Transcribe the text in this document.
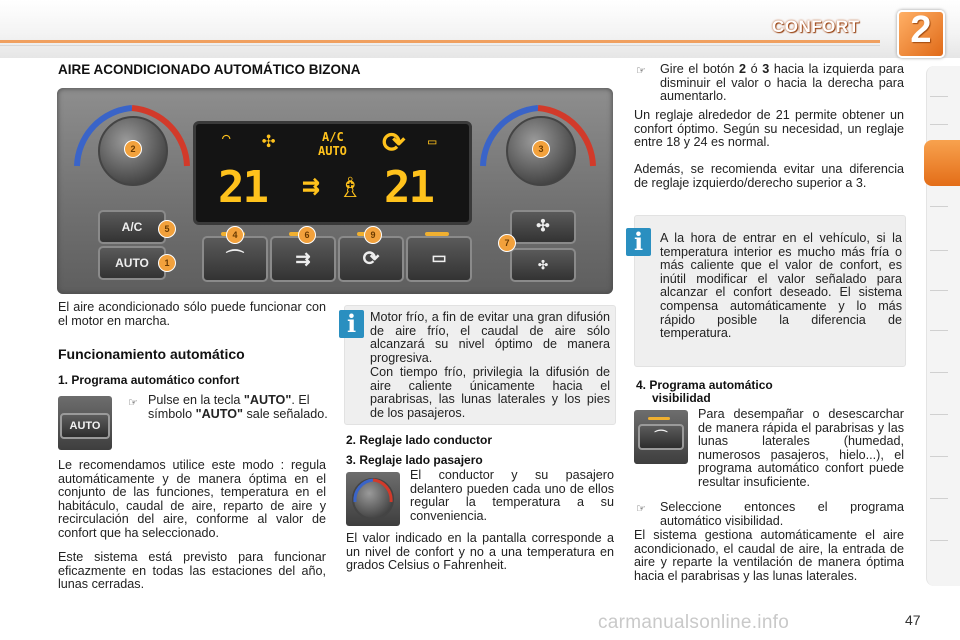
CONFORT	2
AIRE ACONDICIONADO AUTOMÁTICO BIZONA
⌒ ✣	A/C
AUTO ⟳ ▭
21 ⇉ ♗ 21
A/C
AUTO	⌒	⇉	⟳	▭
✣
✣
2	3
5
1
4	6	9
7
El aire acondicionado sólo puede funcionar con el motor en marcha.
Funcionamiento automático
1. Programa automático confort
AUTO
☞ Pulse en la tecla "AUTO". El símbolo "AUTO" sale señalado.
Le recomendamos utilice este modo : regula automáticamente y de manera óptima en el conjunto de las funciones, temperatura en el habitáculo, caudal de aire, reparto de aire y recirculación del aire, conforme al valor de confort que ha seleccionado.
Este sistema está previsto para funcionar eficazmente en todas las estaciones del año, lunas cerradas.
i	Motor frío, a fin de evitar una gran difusión de aire frío, el caudal de aire sólo alcanzará su nivel óptimo de manera progresiva.
Con tiempo frío, privilegia la difusión de aire caliente únicamente hacia el parabrisas, las lunas laterales y los pies de los pasajeros.
2. Reglaje lado conductor
3. Reglaje lado pasajero
El conductor y su pasajero delantero pueden cada uno de ellos regular la temperatura a su conveniencia.
El valor indicado en la pantalla corresponde a un nivel de confort y no a una temperatura en grados Celsius o Fahrenheit.
☞ Gire el botón 2 ó 3 hacia la izquierda para disminuir el valor o hacia la derecha para aumentarlo.
Un reglaje alrededor de 21 permite obtener un confort óptimo. Según su necesidad, un reglaje entre 18 y 24 es normal.
Además, se recomienda evitar una diferencia de reglaje izquierdo/derecho superior a 3.
i	A la hora de entrar en el vehículo, si la temperatura interior es mucho más fría o más caliente que el valor de confort, es inútil modificar el valor señalado para alcanzar el confort deseado. El sistema compensa automáticamente y lo más rápido posible la diferencia de temperatura.
4. Programa automático
visibilidad
⌒
Para desempañar o desescarchar de manera rápida el parabrisas y las lunas laterales (humedad, numerosos pasajeros, hielo...), el programa automático confort puede resultar insuficiente.
☞ Seleccione entonces el programa automático visibilidad.
El sistema gestiona automáticamente el aire acondicionado, el caudal de aire, la entrada de aire y reparte la ventilación de manera óptima hacia el parabrisas y las lunas laterales.
carmanualsonline.info	47
